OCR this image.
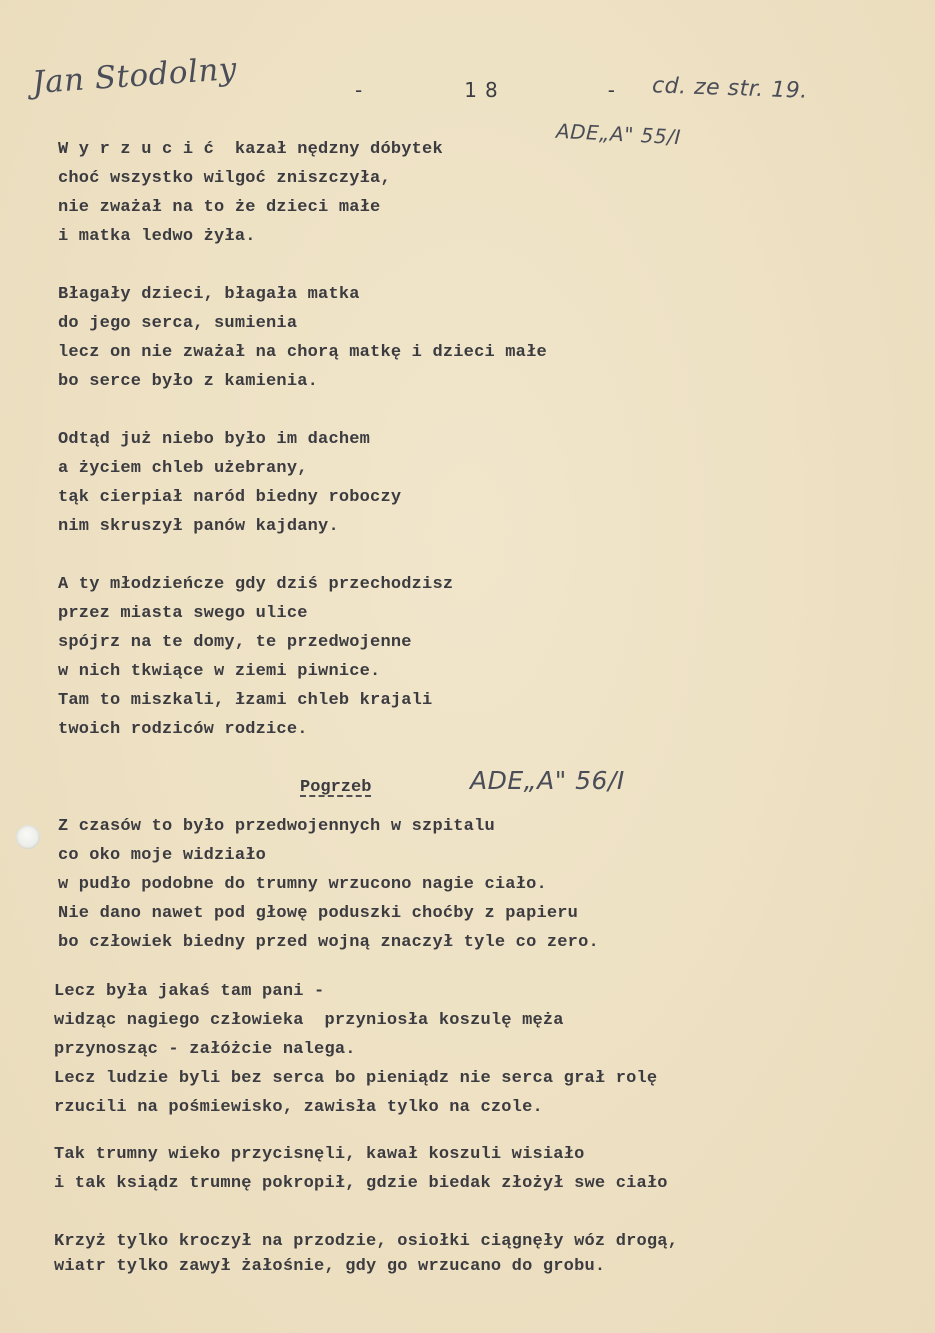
Jan Stodolny	-	18	- cd. ze str. 19.
ADE„A" 55/I
W y r z u c i ć  kazał nędzny dóbytek
choć wszystko wilgoć zniszczyła,
nie zważał na to że dzieci małe
i matka ledwo żyła.
Błagały dzieci, błagała matka
do jego serca, sumienia
lecz on nie zważał na chorą matkę i dzieci małe
bo serce było z kamienia.
Odtąd już niebo było im dachem
a życiem chleb użebrany,
tąk cierpiał naród biedny roboczy
nim skruszył panów kajdany.
A ty młodzieńcze gdy dziś przechodzisz
przez miasta swego ulice
spójrz na te domy, te przedwojenne
w nich tkwiące w ziemi piwnice.
Tam to miszkali, łzami chleb krajali
twoich rodziców rodzice.
Pogrzeb	ADE„A" 56/I
Z czasów to było przedwojennych w szpitalu
co oko moje widziało
w pudło podobne do trumny wrzucono nagie ciało.
Nie dano nawet pod głowę poduszki choćby z papieru
bo człowiek biedny przed wojną znaczył tyle co zero.
Lecz była jakaś tam pani -
widząc nagiego człowieka  przyniosła koszulę męża
przynosząc - załóżcie nalega.
Lecz ludzie byli bez serca bo pieniądz nie serca grał rolę
rzucili na pośmiewisko, zawisła tylko na czole.
Tak trumny wieko przycisnęli, kawał koszuli wisiało
i tak ksiądz trumnę pokropił, gdzie biedak złożył swe ciało
Krzyż tylko kroczył na przodzie, osiołki ciągnęły wóz drogą,
wiatr tylko zawył żałośnie, gdy go wrzucano do grobu.
